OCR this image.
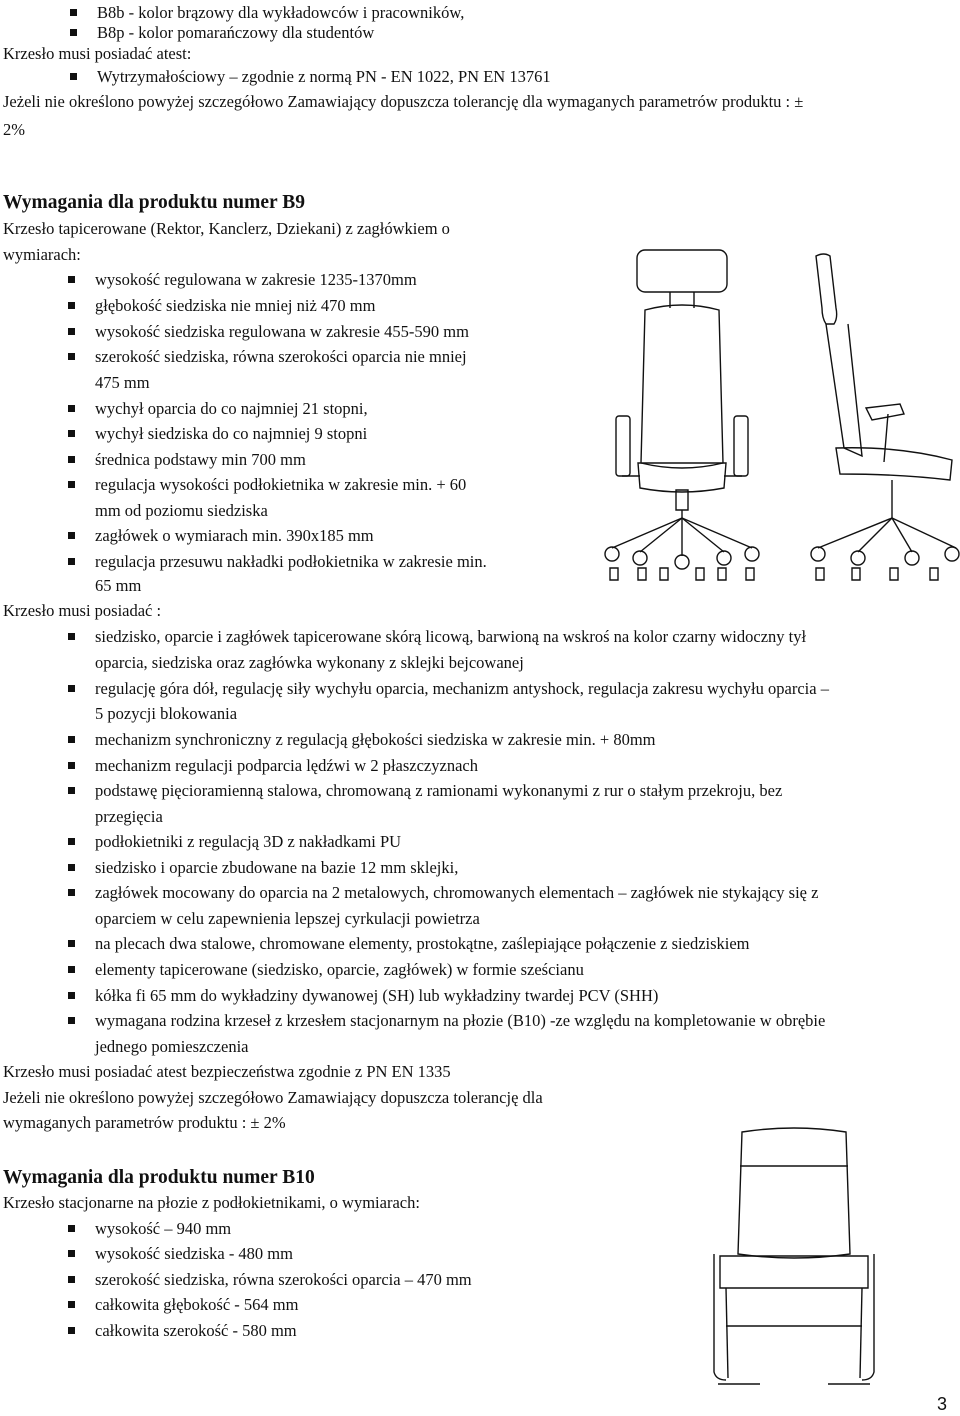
B8b - kolor brązowy dla wykładowców i pracowników,
B8p - kolor pomarańczowy dla studentów
Krzesło musi posiadać atest:
Wytrzymałościowy – zgodnie z normą PN - EN 1022, PN EN 13761
Jeżeli nie określono powyżej szczegółowo Zamawiający dopuszcza tolerancję dla wymaganych parametrów produktu : ±
2%
Wymagania dla produktu numer B9
Krzesło tapicerowane (Rektor, Kanclerz, Dziekani) z zagłówkiem o
wymiarach:
wysokość regulowana w zakresie 1235-1370mm
głębokość siedziska nie mniej niż 470 mm
wysokość siedziska regulowana w zakresie 455-590 mm
szerokość siedziska, równa szerokości oparcia nie mniej
475 mm
wychył oparcia do co najmniej 21 stopni,
wychył siedziska do co najmniej 9 stopni
średnica podstawy min 700 mm
regulacja wysokości podłokietnika w zakresie min. + 60
mm od poziomu siedziska
zagłówek o wymiarach min. 390x185 mm
regulacja przesuwu nakładki podłokietnika w zakresie min.
65 mm
Krzesło musi posiadać :
siedzisko, oparcie i zagłówek tapicerowane skórą licową, barwioną na wskroś na kolor czarny widoczny tył
oparcia, siedziska oraz zagłówka wykonany z sklejki bejcowanej
regulację góra dół, regulację siły wychyłu oparcia, mechanizm antyshock, regulacja zakresu wychyłu oparcia –
5 pozycji blokowania
mechanizm synchroniczny z regulacją głębokości siedziska w zakresie min. + 80mm
mechanizm regulacji podparcia lędźwi w 2 płaszczyznach
podstawę pięcioramienną stalowa, chromowaną z ramionami wykonanymi z rur o stałym przekroju, bez
przegięcia
podłokietniki z regulacją 3D z nakładkami PU
siedzisko i oparcie zbudowane na bazie 12 mm sklejki,
zagłówek mocowany do oparcia na 2 metalowych, chromowanych elementach – zagłówek nie stykający się z
oparciem w celu zapewnienia lepszej cyrkulacji powietrza
na plecach dwa stalowe, chromowane elementy, prostokątne, zaślepiające połączenie z siedziskiem
elementy tapicerowane (siedzisko, oparcie, zagłówek) w formie sześcianu
kółka fi 65 mm do wykładziny dywanowej (SH) lub wykładziny twardej PCV (SHH)
wymagana rodzina krzeseł z krzesłem stacjonarnym na płozie (B10) -ze względu na kompletowanie w obrębie
jednego pomieszczenia
Krzesło musi posiadać atest bezpieczeństwa zgodnie z PN EN 1335
Jeżeli nie określono powyżej szczegółowo Zamawiający dopuszcza tolerancję dla
wymaganych parametrów produktu : ± 2%
Wymagania dla produktu numer B10
Krzesło stacjonarne na płozie z podłokietnikami, o wymiarach:
wysokość – 940 mm
wysokość siedziska - 480 mm
szerokość siedziska, równa szerokości oparcia – 470 mm
całkowita głębokość - 564 mm
całkowita szerokość - 580 mm
3
